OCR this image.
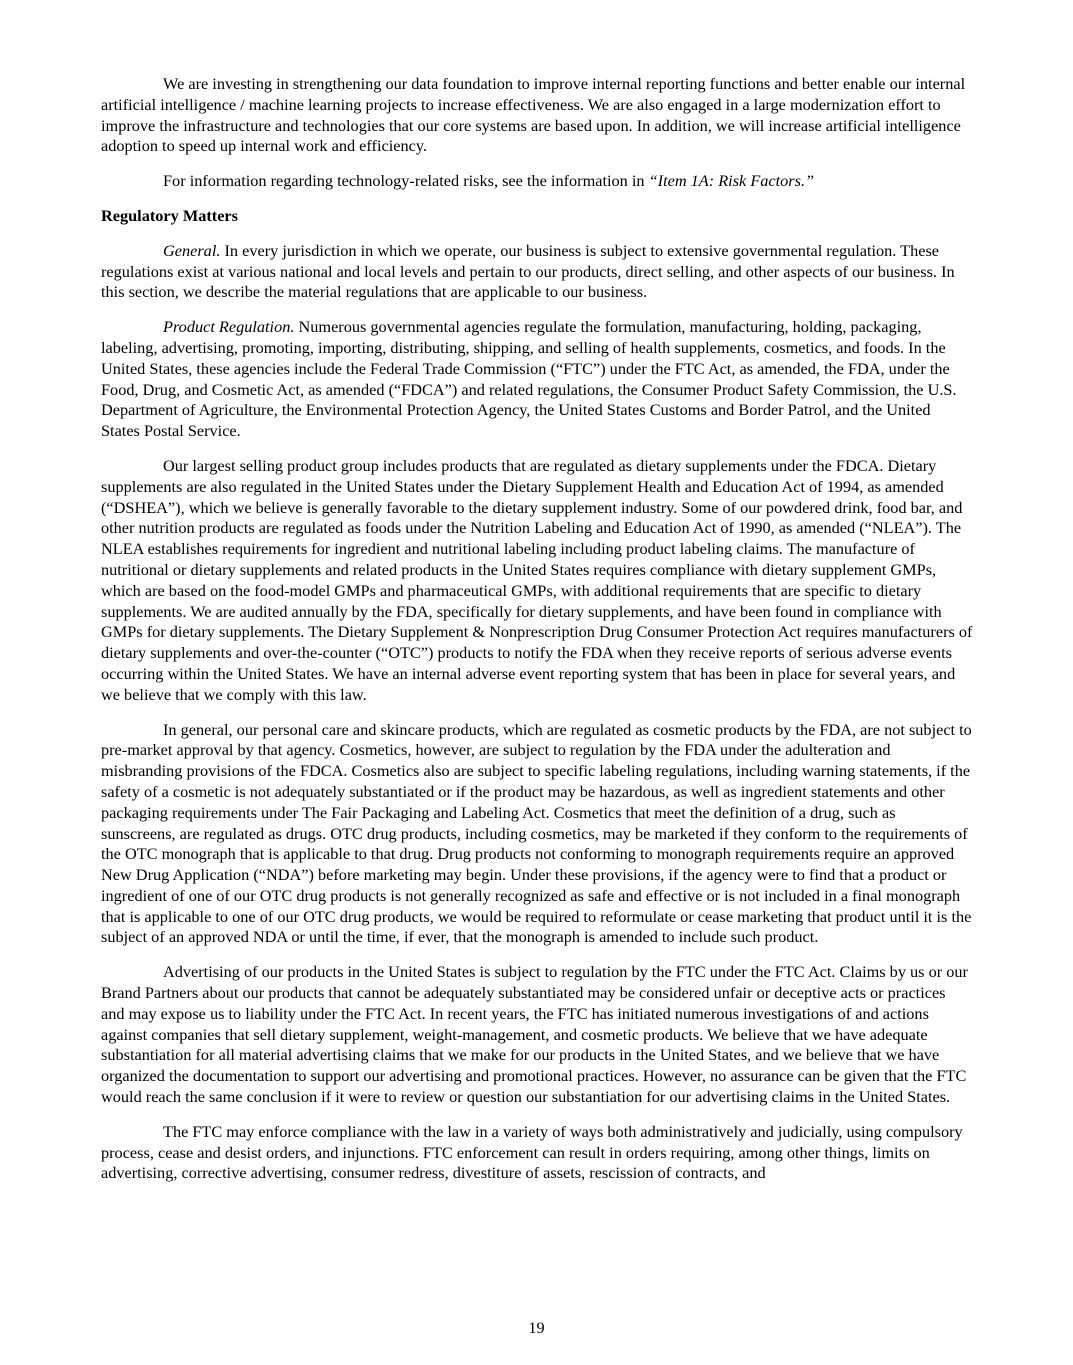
We are investing in strengthening our data foundation to improve internal reporting functions and better enable our internal artificial intelligence / machine learning projects to increase effectiveness. We are also engaged in a large modernization effort to improve the infrastructure and technologies that our core systems are based upon. In addition, we will increase artificial intelligence adoption to speed up internal work and efficiency.

For information regarding technology-related risks, see the information in “Item 1A: Risk Factors.”

Regulatory Matters

General. In every jurisdiction in which we operate, our business is subject to extensive governmental regulation. These regulations exist at various national and local levels and pertain to our products, direct selling, and other aspects of our business. In this section, we describe the material regulations that are applicable to our business.

Product Regulation. Numerous governmental agencies regulate the formulation, manufacturing, holding, packaging, labeling, advertising, promoting, importing, distributing, shipping, and selling of health supplements, cosmetics, and foods. In the United States, these agencies include the Federal Trade Commission (“FTC”) under the FTC Act, as amended, the FDA, under the Food, Drug, and Cosmetic Act, as amended (“FDCA”) and related regulations, the Consumer Product Safety Commission, the U.S. Department of Agriculture, the Environmental Protection Agency, the United States Customs and Border Patrol, and the United States Postal Service.

Our largest selling product group includes products that are regulated as dietary supplements under the FDCA. Dietary supplements are also regulated in the United States under the Dietary Supplement Health and Education Act of 1994, as amended (“DSHEA”), which we believe is generally favorable to the dietary supplement industry. Some of our powdered drink, food bar, and other nutrition products are regulated as foods under the Nutrition Labeling and Education Act of 1990, as amended (“NLEA”). The NLEA establishes requirements for ingredient and nutritional labeling including product labeling claims. The manufacture of nutritional or dietary supplements and related products in the United States requires compliance with dietary supplement GMPs, which are based on the food-model GMPs and pharmaceutical GMPs, with additional requirements that are specific to dietary supplements. We are audited annually by the FDA, specifically for dietary supplements, and have been found in compliance with GMPs for dietary supplements. The Dietary Supplement & Nonprescription Drug Consumer Protection Act requires manufacturers of dietary supplements and over-the-counter (“OTC”) products to notify the FDA when they receive reports of serious adverse events occurring within the United States. We have an internal adverse event reporting system that has been in place for several years, and we believe that we comply with this law.

In general, our personal care and skincare products, which are regulated as cosmetic products by the FDA, are not subject to pre-market approval by that agency. Cosmetics, however, are subject to regulation by the FDA under the adulteration and misbranding provisions of the FDCA. Cosmetics also are subject to specific labeling regulations, including warning statements, if the safety of a cosmetic is not adequately substantiated or if the product may be hazardous, as well as ingredient statements and other packaging requirements under The Fair Packaging and Labeling Act. Cosmetics that meet the definition of a drug, such as sunscreens, are regulated as drugs. OTC drug products, including cosmetics, may be marketed if they conform to the requirements of the OTC monograph that is applicable to that drug. Drug products not conforming to monograph requirements require an approved New Drug Application (“NDA”) before marketing may begin. Under these provisions, if the agency were to find that a product or ingredient of one of our OTC drug products is not generally recognized as safe and effective or is not included in a final monograph that is applicable to one of our OTC drug products, we would be required to reformulate or cease marketing that product until it is the subject of an approved NDA or until the time, if ever, that the monograph is amended to include such product.

Advertising of our products in the United States is subject to regulation by the FTC under the FTC Act. Claims by us or our Brand Partners about our products that cannot be adequately substantiated may be considered unfair or deceptive acts or practices and may expose us to liability under the FTC Act. In recent years, the FTC has initiated numerous investigations of and actions against companies that sell dietary supplement, weight-management, and cosmetic products. We believe that we have adequate substantiation for all material advertising claims that we make for our products in the United States, and we believe that we have organized the documentation to support our advertising and promotional practices. However, no assurance can be given that the FTC would reach the same conclusion if it were to review or question our substantiation for our advertising claims in the United States.

The FTC may enforce compliance with the law in a variety of ways both administratively and judicially, using compulsory process, cease and desist orders, and injunctions. FTC enforcement can result in orders requiring, among other things, limits on advertising, corrective advertising, consumer redress, divestiture of assets, rescission of contracts, and

19
